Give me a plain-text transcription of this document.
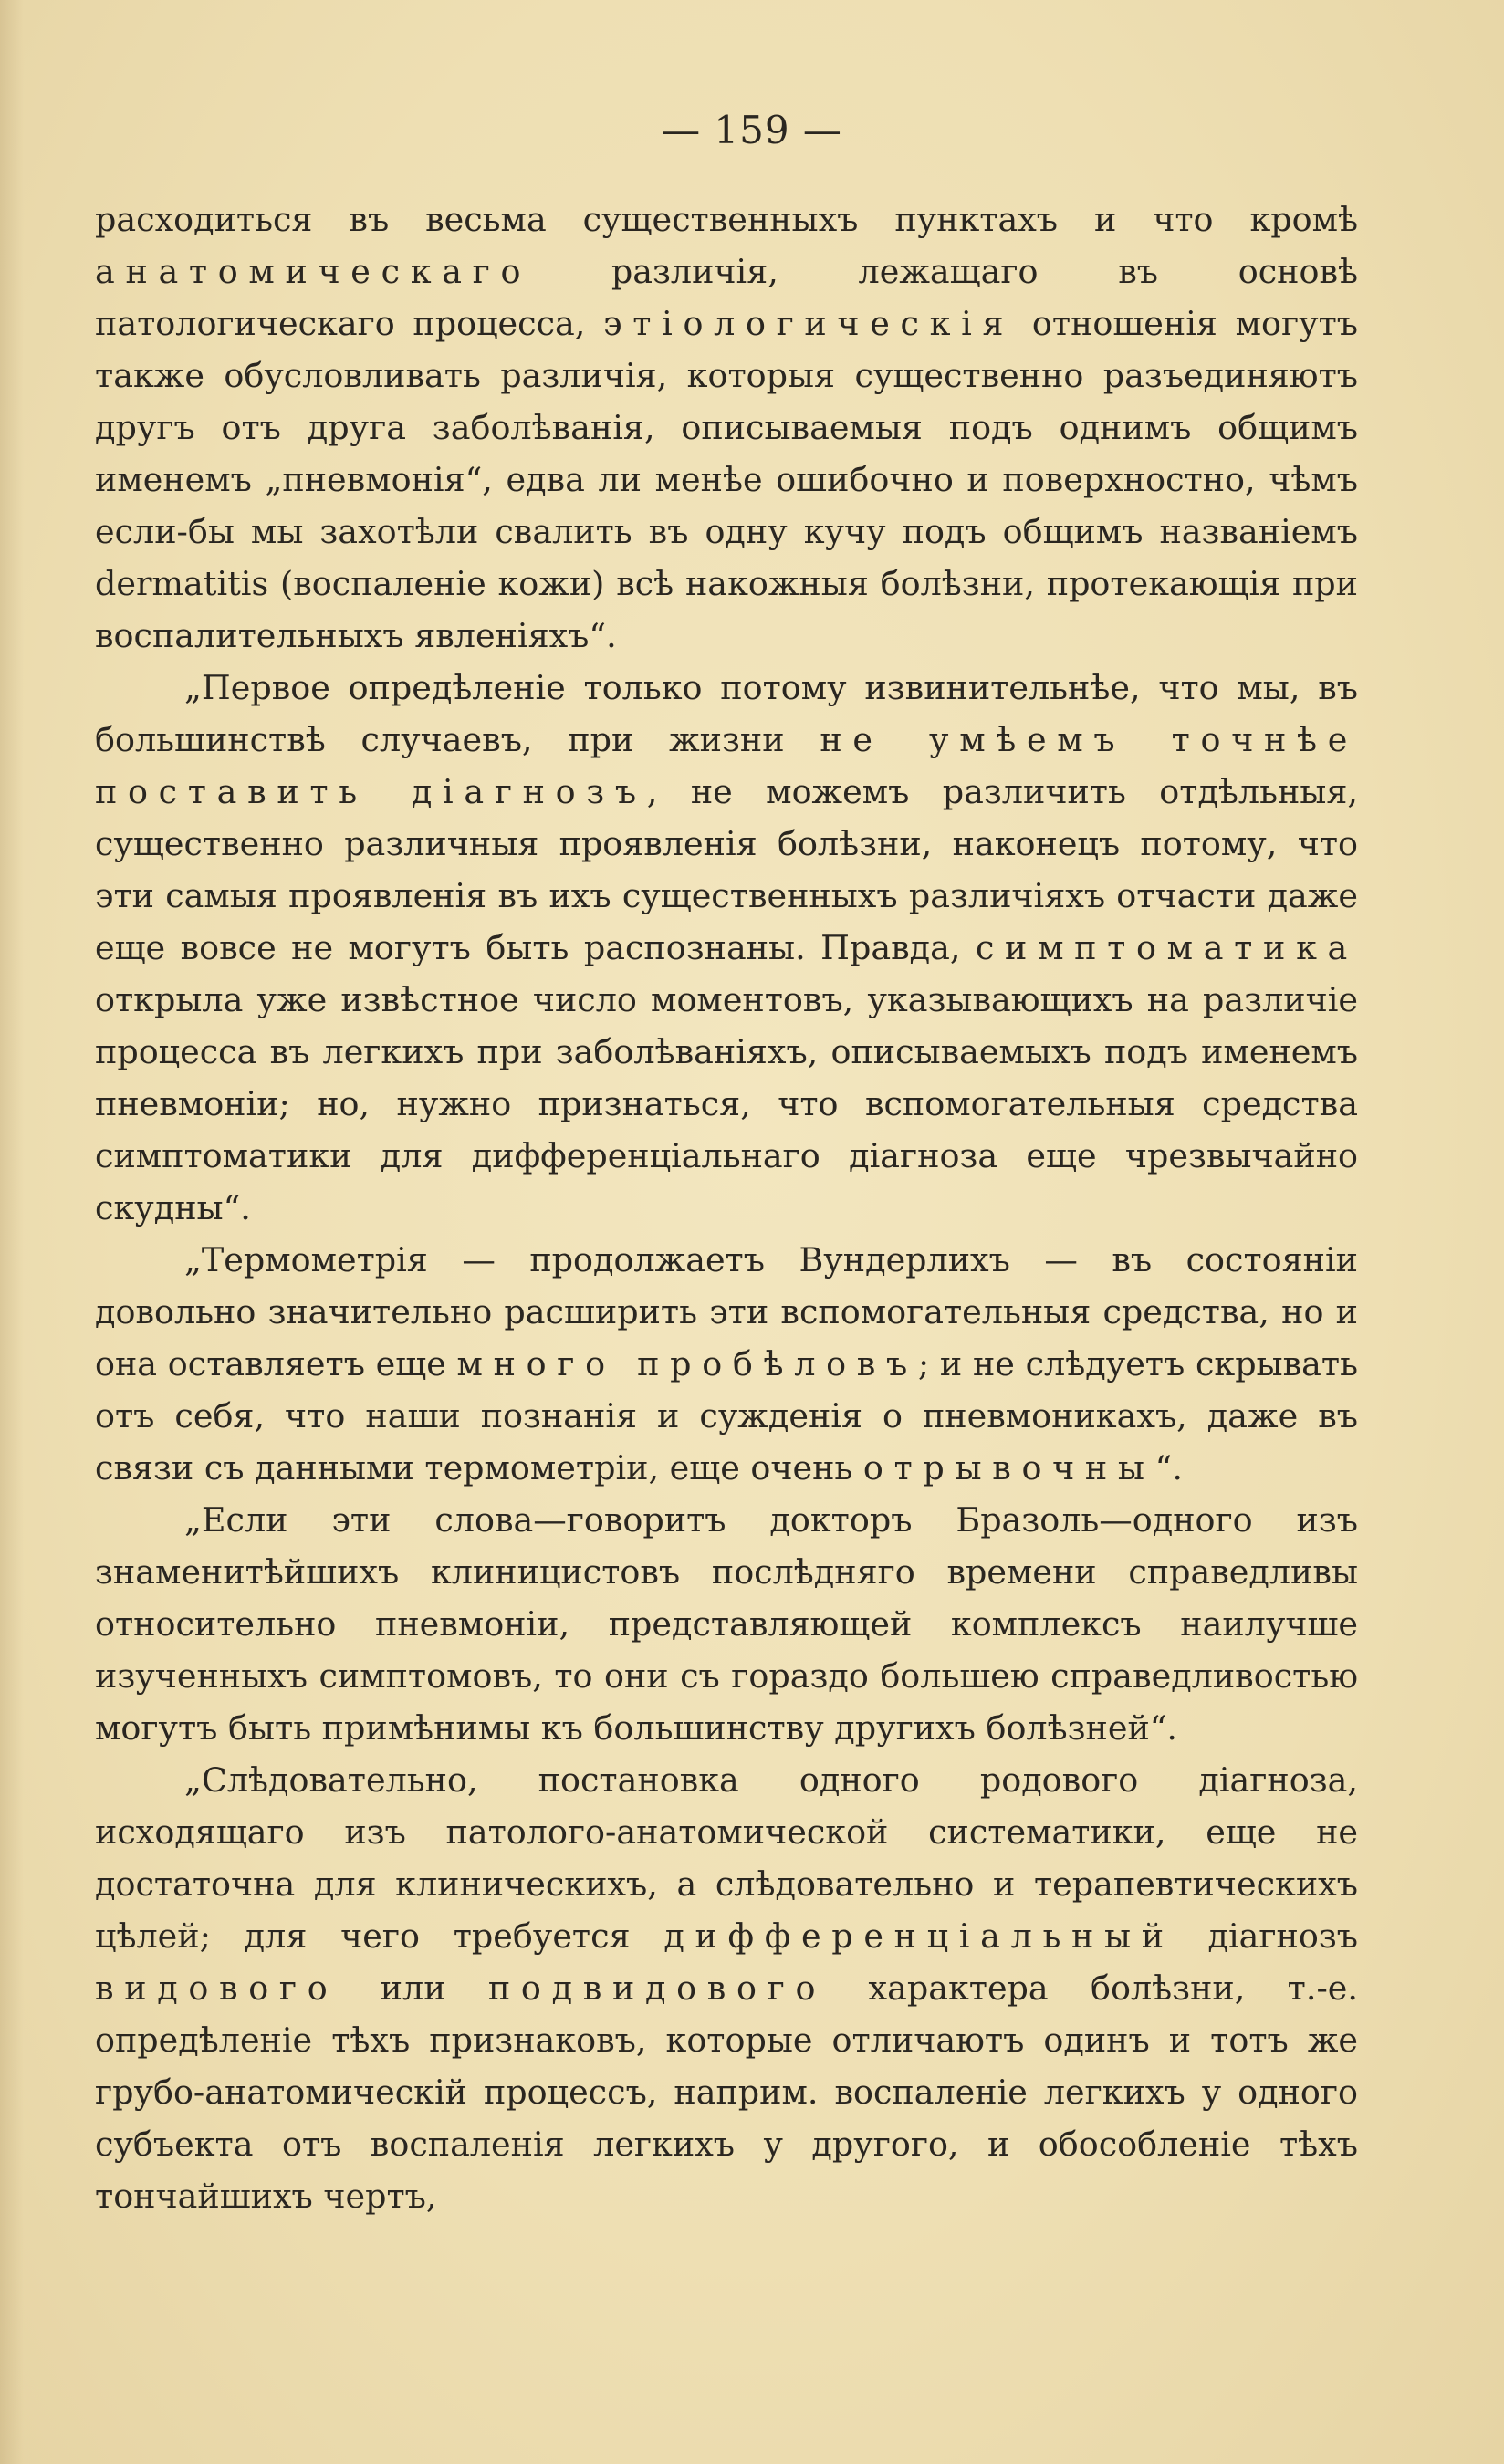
— 159 —

расходиться въ весьма существенныхъ пунктахъ и что кромѣ анатомическаго различія, лежащаго въ основѣ патологическаго процесса, этіологическія отношенія могутъ также обусловливать различія, которыя существенно разъединяютъ другъ отъ друга заболѣванія, описываемыя подъ однимъ общимъ именемъ „пневмонія“, едва ли менѣе ошибочно и поверхностно, чѣмъ если-бы мы захотѣли свалить въ одну кучу подъ общимъ названіемъ dermatitis (воспаленіе кожи) всѣ накожныя болѣзни, протекающія при воспалительныхъ явленіяхъ“.

„Первое опредѣленіе только потому извинительнѣе, что мы, въ большинствѣ случаевъ, при жизни не умѣемъ точнѣе поставить діагнозъ, не можемъ различить отдѣльныя, существенно различныя проявленія болѣзни, наконецъ потому, что эти самыя проявленія въ ихъ существенныхъ различіяхъ отчасти даже еще вовсе не могутъ быть распознаны. Правда, симптоматика открыла уже извѣстное число моментовъ, указывающихъ на различіе процесса въ легкихъ при заболѣваніяхъ, описываемыхъ подъ именемъ пневмоніи; но, нужно признаться, что вспомогательныя средства симптоматики для дифференціальнаго діагноза еще чрезвычайно скудны“.

„Термометрія — продолжаетъ Вундерлихъ — въ состояніи довольно значительно расширить эти вспомогательныя средства, но и она оставляетъ еще много пробѣловъ; и не слѣдуетъ скрывать отъ себя, что наши познанія и сужденія о пневмоникахъ, даже въ связи съ данными термометріи, еще очень отрывочны“.

„Если эти слова—говоритъ докторъ Бразоль—одного изъ знаменитѣйшихъ клиницистовъ послѣдняго времени справедливы относительно пневмоніи, представляющей комплексъ наилучше изученныхъ симптомовъ, то они съ гораздо большею справедливостью могутъ быть примѣнимы къ большинству другихъ болѣзней“.

„Слѣдовательно, постановка одного родового діагноза, исходящаго изъ патолого-анатомической систематики, еще не достаточна для клиническихъ, а слѣдовательно и терапевтическихъ цѣлей; для чего требуется дифференціальный діагнозъ видового или подвидового характера болѣзни, т.-е. опредѣленіе тѣхъ признаковъ, которые отличаютъ одинъ и тотъ же грубо-анатомическій процессъ, наприм. воспаленіе легкихъ у одного субъекта отъ воспаленія легкихъ у другого, и обособленіе тѣхъ тончайшихъ чертъ,
